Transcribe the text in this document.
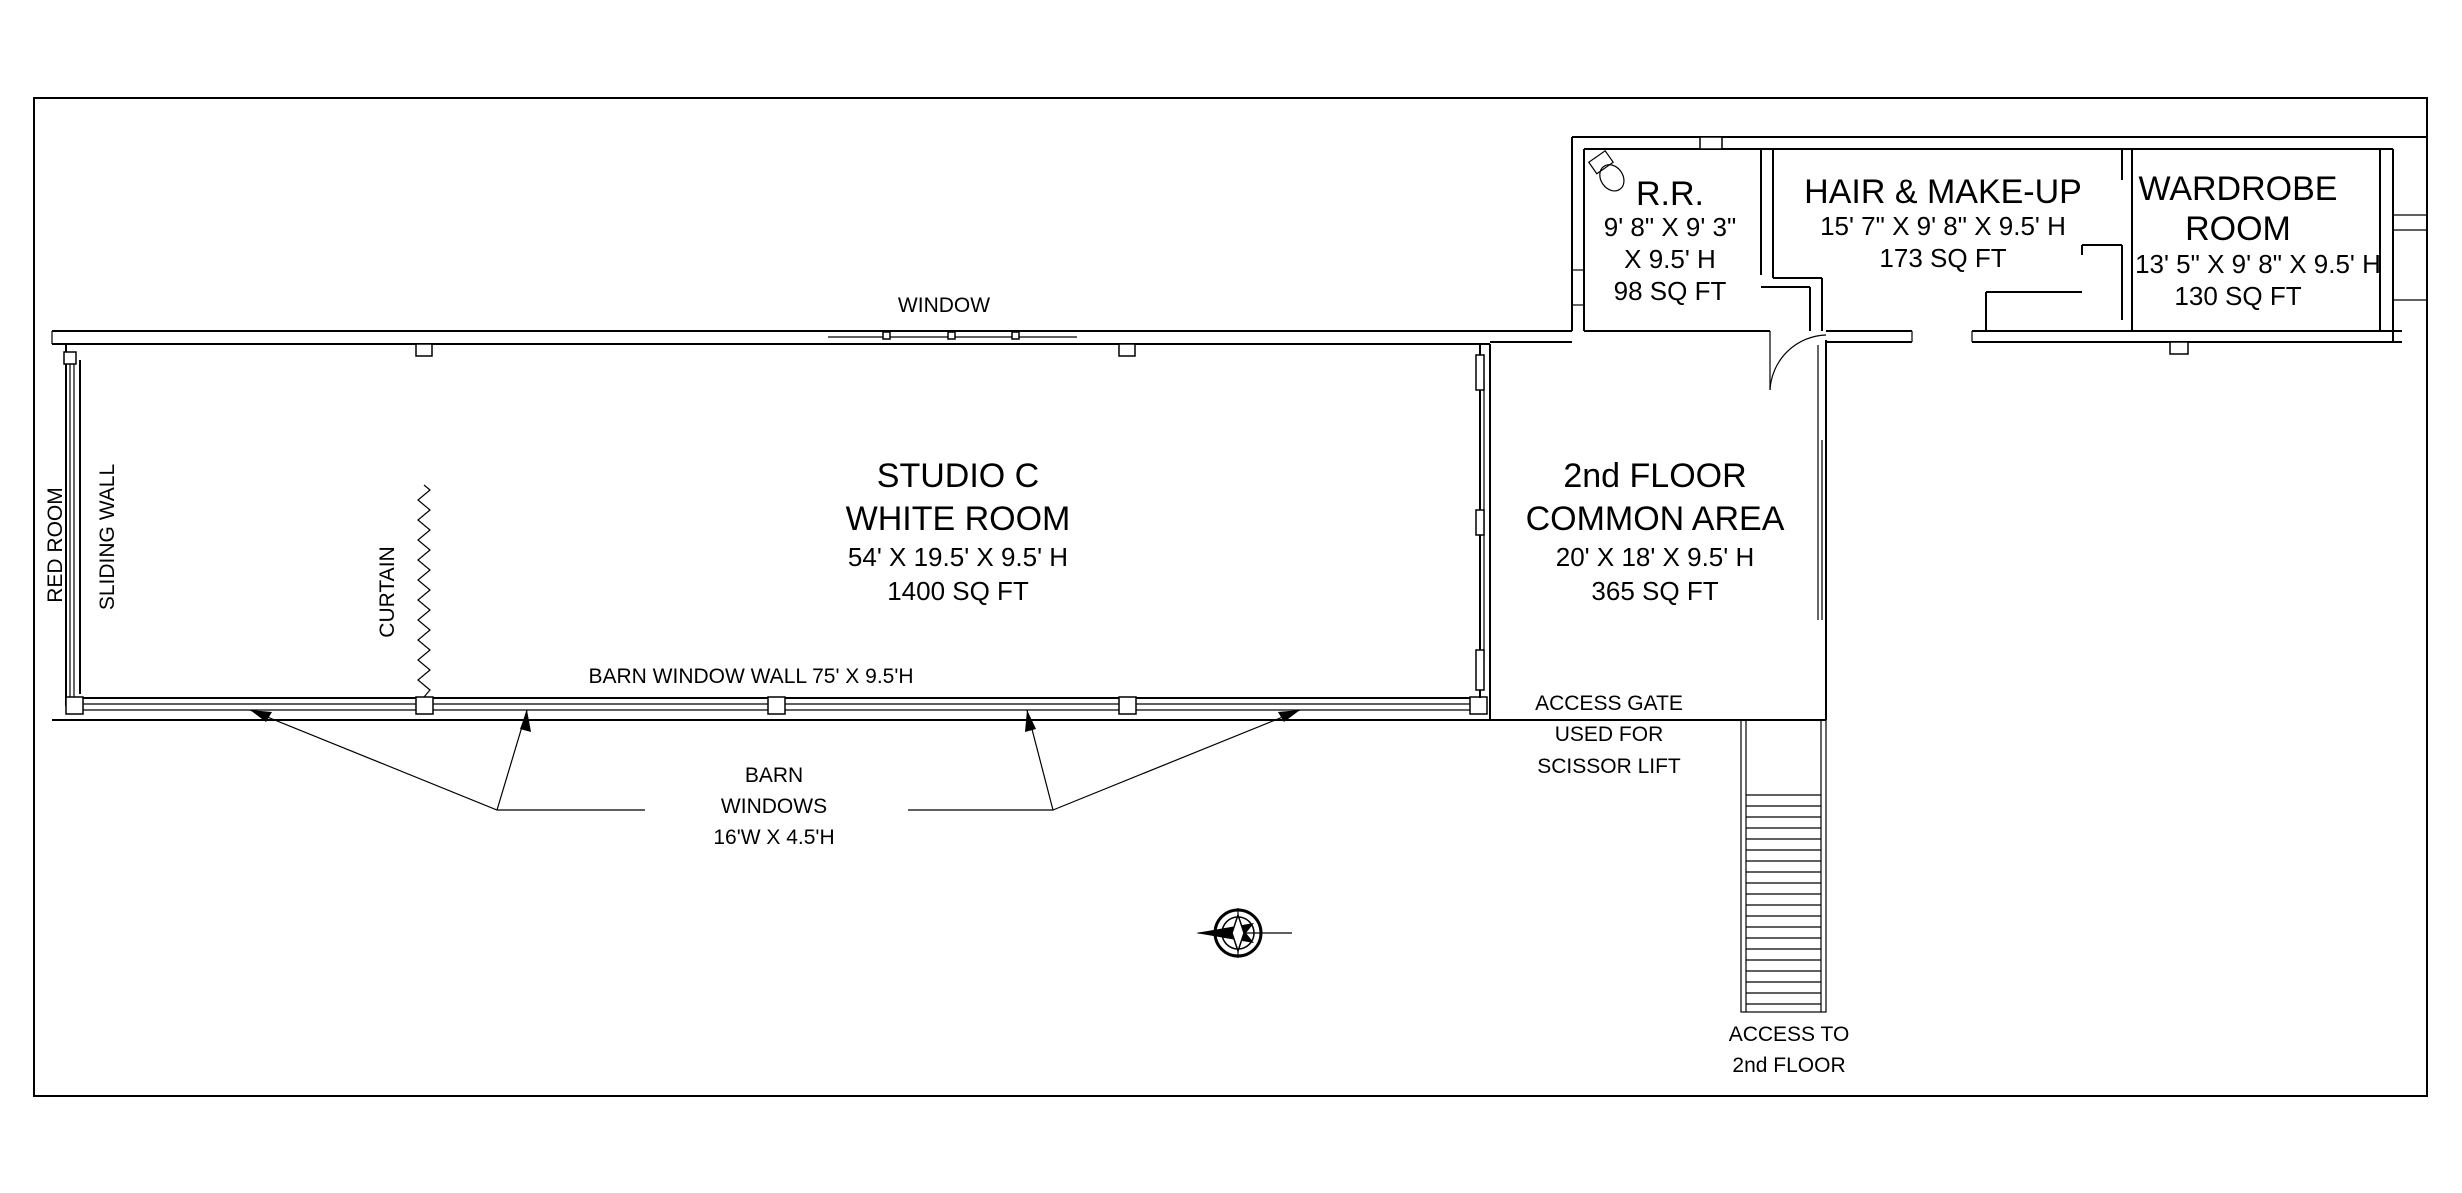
WINDOW
RED ROOM SLIDING WALL	CURTAIN
STUDIO C
WHITE ROOM
54' X 19.5' X 9.5' H
1400 SQ FT
BARN WINDOW WALL 75' X 9.5'H
BARN
WINDOWS
16'W X 4.5'H
2nd FLOOR
COMMON AREA
20' X 18' X 9.5' H
365 SQ FT
ACCESS GATE
USED FOR
SCISSOR LIFT
ACCESS TO
2nd FLOOR
R.R.
9' 8" X 9' 3"
X 9.5' H
98 SQ FT
HAIR & MAKE-UP
15' 7" X 9' 8" X 9.5' H
173 SQ FT
WARDROBE
ROOM
13' 5" X 9' 8" X 9.5' H
130 SQ FT
